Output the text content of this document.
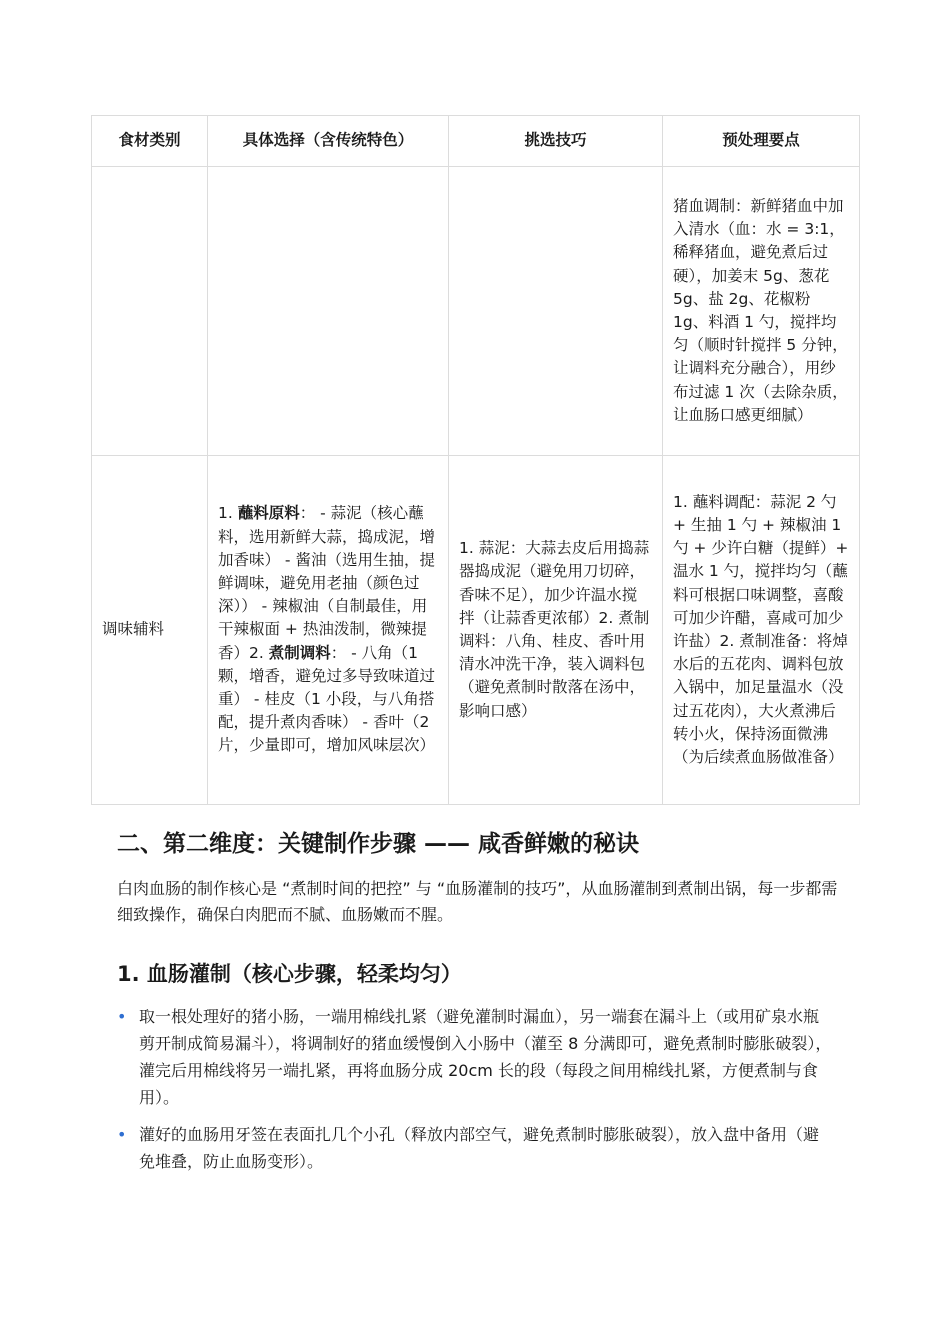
食材类别	具体选择（含传统特色）	挑选技巧	预处理要点
			猪血调制：新鲜猪血中加入清水（血：水 = 3:1，稀释猪血，避免煮后过硬），加姜末 5g、葱花 5g、盐 2g、花椒粉 1g、料酒 1 勺，搅拌均匀（顺时针搅拌 5 分钟，让调料充分融合），用纱布过滤 1 次（去除杂质，让血肠口感更细腻）
调味辅料	1. 蘸料原料： - 蒜泥（核心蘸料，选用新鲜大蒜，捣成泥，增加香味） - 酱油（选用生抽，提鲜调味，避免用老抽（颜色过深）） - 辣椒油（自制最佳，用干辣椒面 + 热油泼制，微辣提香）2. 煮制调料： - 八角（1 颗，增香，避免过多导致味道过重） - 桂皮（1 小段，与八角搭配，提升煮肉香味） - 香叶（2 片，少量即可，增加风味层次）	1. 蒜泥：大蒜去皮后用捣蒜器捣成泥（避免用刀切碎，香味不足），加少许温水搅拌（让蒜香更浓郁）2. 煮制调料：八角、桂皮、香叶用清水冲洗干净，装入调料包（避免煮制时散落在汤中，影响口感）	1. 蘸料调配：蒜泥 2 勺 + 生抽 1 勺 + 辣椒油 1 勺 + 少许白糖（提鲜）+ 温水 1 勺，搅拌均匀（蘸料可根据口味调整，喜酸可加少许醋，喜咸可加少许盐）2. 煮制准备：将焯水后的五花肉、调料包放入锅中，加足量温水（没过五花肉），大火煮沸后转小火，保持汤面微沸（为后续煮血肠做准备）
二、第二维度：关键制作步骤 —— 咸香鲜嫩的秘诀

白肉血肠的制作核心是 “煮制时间的把控” 与 “血肠灌制的技巧”，从血肠灌制到煮制出锅，每一步都需细致操作，确保白肉肥而不腻、血肠嫩而不腥。

1. 血肠灌制（核心步骤，轻柔均匀）
• 取一根处理好的猪小肠，一端用棉线扎紧（避免灌制时漏血），另一端套在漏斗上（或用矿泉水瓶剪开制成简易漏斗），将调制好的猪血缓慢倒入小肠中（灌至 8 分满即可，避免煮制时膨胀破裂），灌完后用棉线将另一端扎紧，再将血肠分成 20cm 长的段（每段之间用棉线扎紧，方便煮制与食用）。
• 灌好的血肠用牙签在表面扎几个小孔（释放内部空气，避免煮制时膨胀破裂），放入盘中备用（避免堆叠，防止血肠变形）。
